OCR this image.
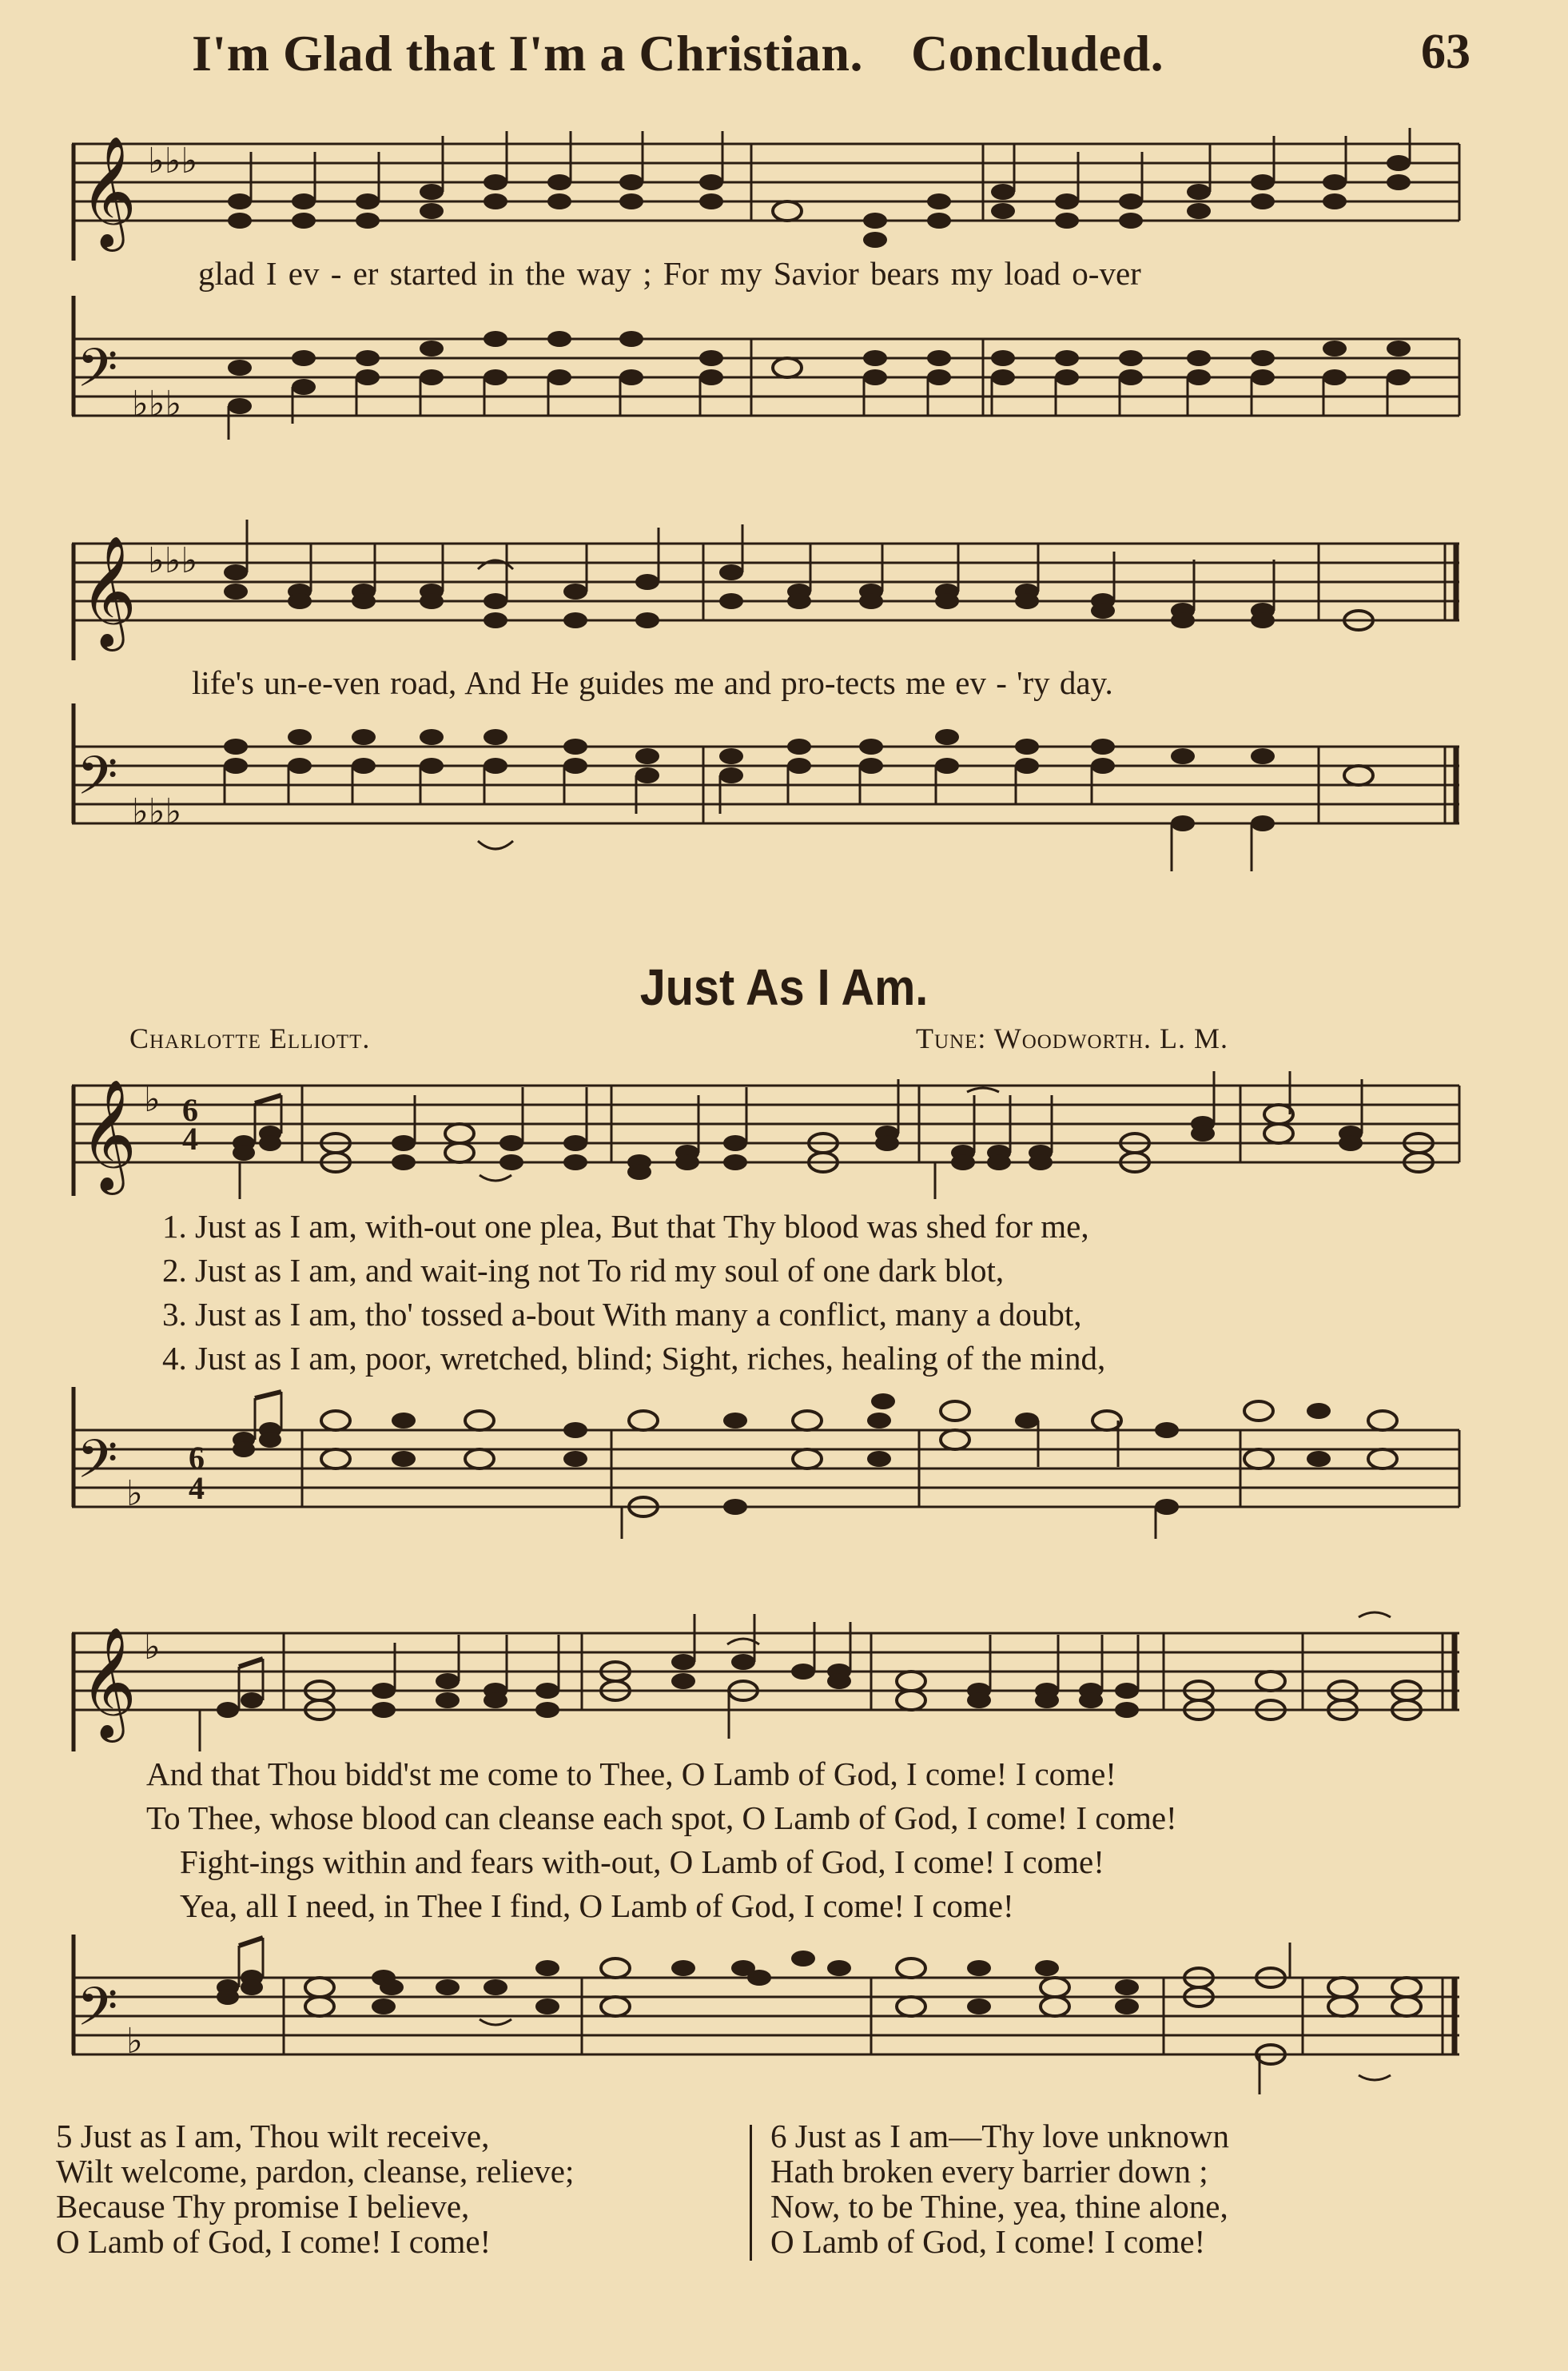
I'm Glad that I'm a Christian. Concluded.	63
𝄞 ♭♭♭
glad I ev - er started in the way ; For my Savior bears my load o-ver
𝄢 ♭♭♭
𝄞 ♭♭♭
life's un-e-ven road, And He guides me and pro-tects me ev - 'ry day.
𝄢 ♭♭♭
Just As I Am.
Charlotte Elliott.	Tune: Woodworth. L. M.
𝄞 ♭ 6
4
1. Just as I am, with-out one plea, But that Thy blood was shed for me,
2. Just as I am, and wait-ing not To rid my soul of one dark blot,
3. Just as I am, tho' tossed a-bout With many a conflict, many a doubt,
4. Just as I am, poor, wretched, blind; Sight, riches, healing of the mind,
𝄢 ♭
6
4
𝄞 ♭
And that Thou bidd'st me come to Thee, O Lamb of God, I come! I come!
To Thee, whose blood can cleanse each spot, O Lamb of God, I come! I come!
Fight-ings within and fears with-out, O Lamb of God, I come! I come!
Yea, all I need, in Thee I find, O Lamb of God, I come! I come!
𝄢 ♭
5 Just as I am, Thou wilt receive,
Wilt welcome, pardon, cleanse, relieve;
Because Thy promise I believe,
O Lamb of God, I come! I come!
6 Just as I am—Thy love unknown
Hath broken every barrier down ;
Now, to be Thine, yea, thine alone,
O Lamb of God, I come! I come!
